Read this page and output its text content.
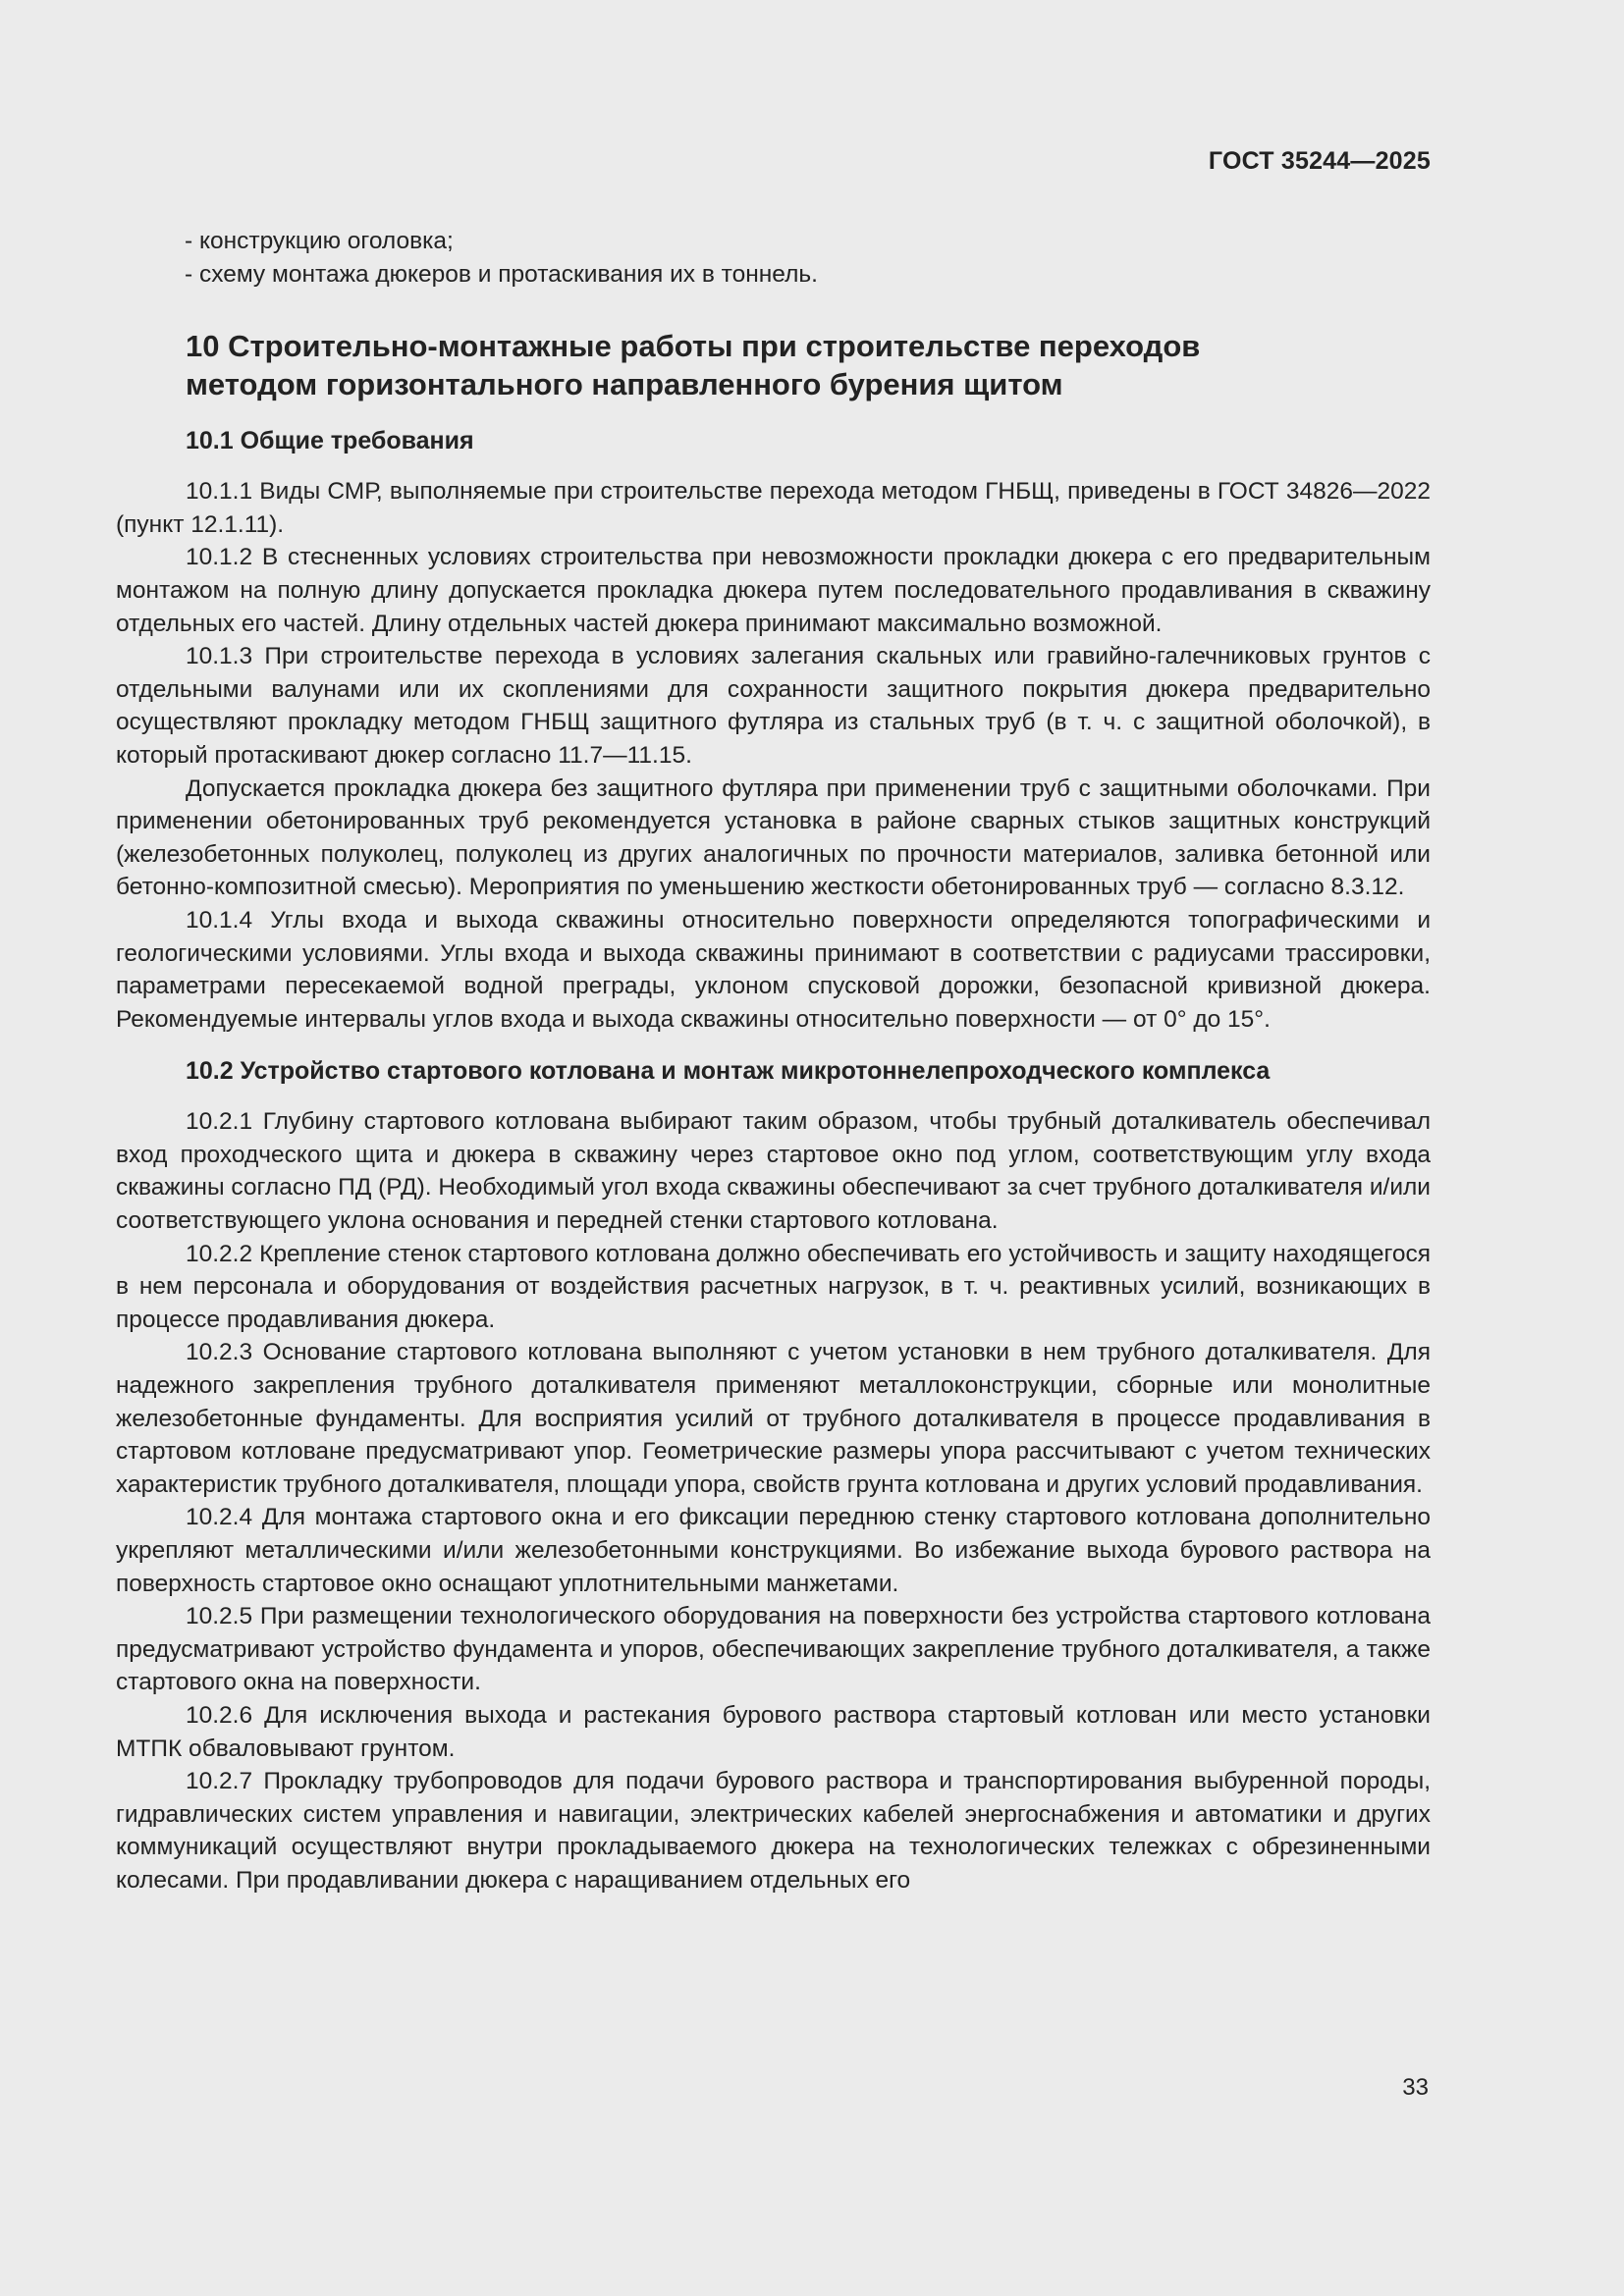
ГОСТ 35244—2025

- конструкцию оголовка;

- схему монтажа дюкеров и протаскивания их в тоннель.

10 Строительно-монтажные работы при строительстве переходов
методом горизонтального направленного бурения щитом
10.1 Общие требования

10.1.1 Виды СМР, выполняемые при строительстве перехода методом ГНБЩ, приведены в ГОСТ 34826—2022 (пункт 12.1.11).

10.1.2 В стесненных условиях строительства при невозможности прокладки дюкера с его предварительным монтажом на полную длину допускается прокладка дюкера путем последовательного продавливания в скважину отдельных его частей. Длину отдельных частей дюкера принимают максимально возможной.

10.1.3 При строительстве перехода в условиях залегания скальных или гравийно-галечниковых грунтов с отдельными валунами или их скоплениями для сохранности защитного покрытия дюкера предварительно осуществляют прокладку методом ГНБЩ защитного футляра из стальных труб (в т. ч. с защитной оболочкой), в который протаскивают дюкер согласно 11.7—11.15.

Допускается прокладка дюкера без защитного футляра при применении труб с защитными оболочками. При применении обетонированных труб рекомендуется установка в районе сварных стыков защитных конструкций (железобетонных полуколец, полуколец из других аналогичных по прочности материалов, заливка бетонной или бетонно-композитной смесью). Мероприятия по уменьшению жесткости обетонированных труб — согласно 8.3.12.

10.1.4 Углы входа и выхода скважины относительно поверхности определяются топографическими и геологическими условиями. Углы входа и выхода скважины принимают в соответствии с радиусами трассировки, параметрами пересекаемой водной преграды, уклоном спусковой дорожки, безопасной кривизной дюкера. Рекомендуемые интервалы углов входа и выхода скважины относительно поверхности — от 0° до 15°.

10.2 Устройство стартового котлована и монтаж микротоннелепроходческого комплекса

10.2.1 Глубину стартового котлована выбирают таким образом, чтобы трубный доталкиватель обеспечивал вход проходческого щита и дюкера в скважину через стартовое окно под углом, соответствующим углу входа скважины согласно ПД (РД). Необходимый угол входа скважины обеспечивают за счет трубного доталкивателя и/или соответствующего уклона основания и передней стенки стартового котлована.

10.2.2 Крепление стенок стартового котлована должно обеспечивать его устойчивость и защиту находящегося в нем персонала и оборудования от воздействия расчетных нагрузок, в т. ч. реактивных усилий, возникающих в процессе продавливания дюкера.

10.2.3 Основание стартового котлована выполняют с учетом установки в нем трубного доталкивателя. Для надежного закрепления трубного доталкивателя применяют металлоконструкции, сборные или монолитные железобетонные фундаменты. Для восприятия усилий от трубного доталкивателя в процессе продавливания в стартовом котловане предусматривают упор. Геометрические размеры упора рассчитывают с учетом технических характеристик трубного доталкивателя, площади упора, свойств грунта котлована и других условий продавливания.

10.2.4 Для монтажа стартового окна и его фиксации переднюю стенку стартового котлована дополнительно укрепляют металлическими и/или железобетонными конструкциями. Во избежание выхода бурового раствора на поверхность стартовое окно оснащают уплотнительными манжетами.

10.2.5 При размещении технологического оборудования на поверхности без устройства стартового котлована предусматривают устройство фундамента и упоров, обеспечивающих закрепление трубного доталкивателя, а также стартового окна на поверхности.

10.2.6 Для исключения выхода и растекания бурового раствора стартовый котлован или место установки МТПК обваловывают грунтом.

10.2.7 Прокладку трубопроводов для подачи бурового раствора и транспортирования выбуренной породы, гидравлических систем управления и навигации, электрических кабелей энергоснабжения и автоматики и других коммуникаций осуществляют внутри прокладываемого дюкера на технологических тележках с обрезиненными колесами. При продавливании дюкера с наращиванием отдельных его

33
